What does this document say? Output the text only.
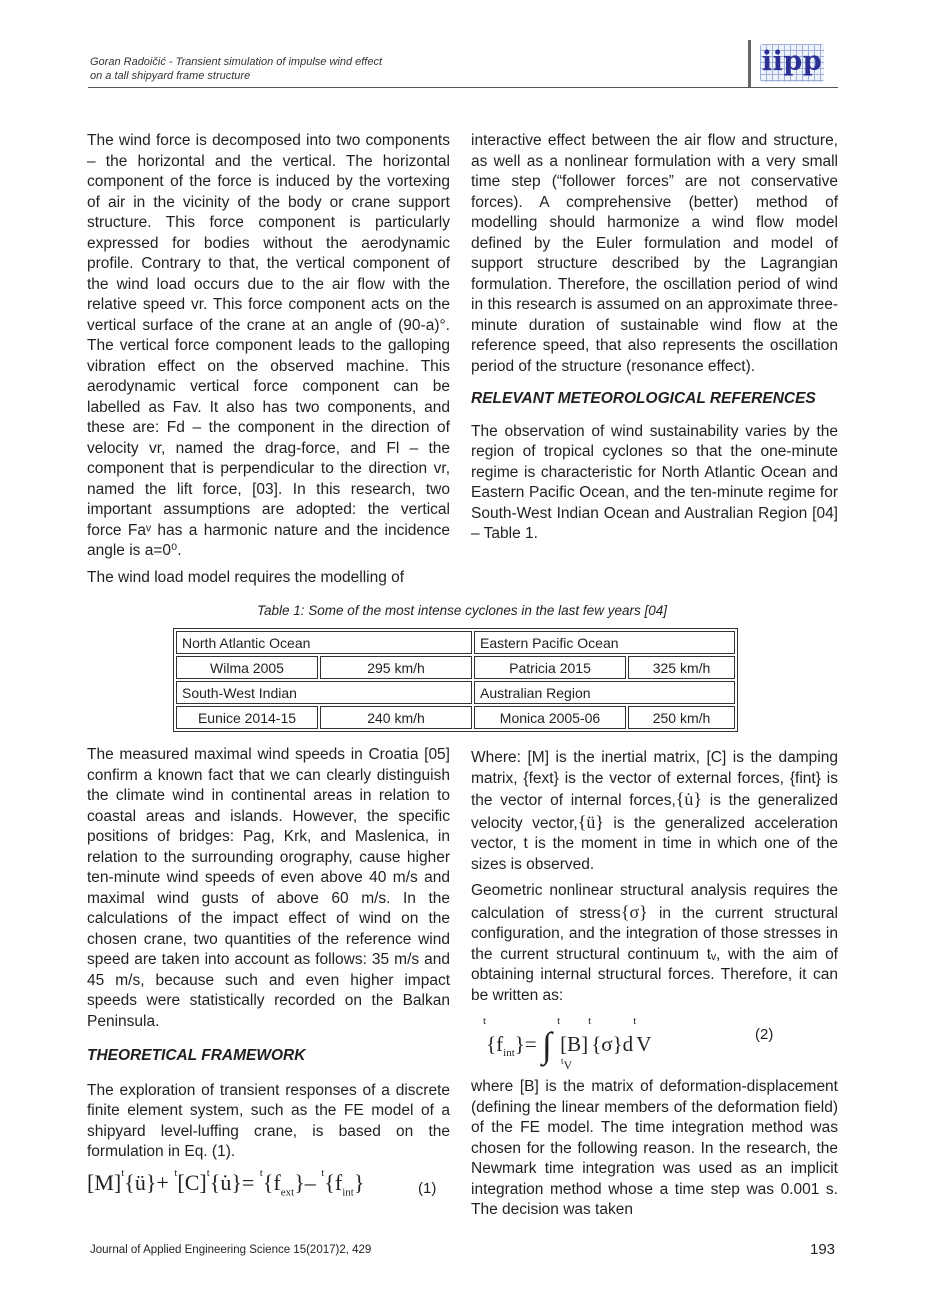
Goran Radoičić - Transient simulation of impulse wind effect
on a tall shipyard frame structure	iipp

The wind force is decomposed into two components – the horizontal and the vertical. The horizontal component of the force is induced by the vortexing of air in the vicinity of the body or crane support structure. This force component is particularly expressed for bodies without the aerodynamic profile. Contrary to that, the vertical component of the wind load occurs due to the air flow with the relative speed vr. This force component acts on the vertical surface of the crane at an angle of (90-a)°. The vertical force component leads to the galloping vibration effect on the observed machine. This aerodynamic vertical force component can be labelled as Fav. It also has two components, and these are: Fd – the component in the direction of velocity vr, named the drag-force, and Fl – the component that is perpendicular to the direction vr, named the lift force, [03]. In this research, two important assumptions are adopted: the vertical force Faᵛ has a harmonic nature and the incidence angle is a=0⁰.

The wind load model requires the modelling of

interactive effect between the air flow and structure, as well as a nonlinear formulation with a very small time step (“follower forces” are not conservative forces). A comprehensive (better) method of modelling should harmonize a wind flow model defined by the Euler formulation and model of support structure described by the Lagrangian formulation. Therefore, the oscillation period of wind in this research is assumed on an approximate three-minute duration of sustainable wind flow at the reference speed, that also represents the oscillation period of the structure (resonance effect).

RELEVANT METEOROLOGICAL REFERENCES

The observation of wind sustainability varies by the region of tropical cyclones so that the one-minute regime is characteristic for North Atlantic Ocean and Eastern Pacific Ocean, and the ten-minute regime for South-West Indian Ocean and Australian Region [04] – Table 1.

Table 1: Some of the most intense cyclones in the last few years [04]
North Atlantic Ocean		Eastern Pacific Ocean	
Wilma 2005	295 km/h	Patricia 2015	325 km/h
South-West Indian		Australian Region	
Eunice 2014-15	240 km/h	Monica 2005-06	250 km/h

The measured maximal wind speeds in Croatia [05] confirm a known fact that we can clearly distinguish the climate wind in continental areas in relation to coastal areas and islands. However, the specific positions of bridges: Pag, Krk, and Maslenica, in relation to the surrounding orography, cause higher ten-minute wind speeds of even above 40 m/s and maximal wind gusts of above 60 m/s. In the calculations of the impact effect of wind on the chosen crane, two quantities of the reference wind speed are taken into account as follows: 35 m/s and 45 m/s, because such and even higher impact speeds were statistically recorded on the Balkan Peninsula.

THEORETICAL FRAMEWORK

The exploration of transient responses of a discrete finite element system, such as the FE model of a shipyard level-luffing crane, is based on the formulation in Eq. (1).

$[M]^t\{ü\}+$ $^t[C]^t\{u̇\}= ^t\{f_{ext}\}-$ $^t\{f_{int}\}$	(1)

Where: [M] is the inertial matrix, [C] is the damping matrix, {fext} is the vector of external forces, {fint} is the vector of internal forces,{u̇} is the generalized velocity vector,{ü} is the generalized acceleration vector, t is the moment in time in which one of the sizes is observed.

Geometric nonlinear structural analysis requires the calculation of stress{σ} in the current structural configuration, and the integration of those stresses in the current structural continuum tᵥ, with the aim of obtaining internal structural forces. Therefore, it can be written as:

$^t\{f_{int}\}=$ ∫ $^t[B]^t\{\sigma\}d^tV$
$^t$V
(2)

where [B] is the matrix of deformation-displacement (defining the linear members of the deformation field) of the FE model. The time integration method was chosen for the following reason. In the research, the Newmark time integration was used as an implicit integration method whose a time step was 0.001 s. The decision was taken

Journal of Applied Engineering Science 15(2017)2, 429	193
